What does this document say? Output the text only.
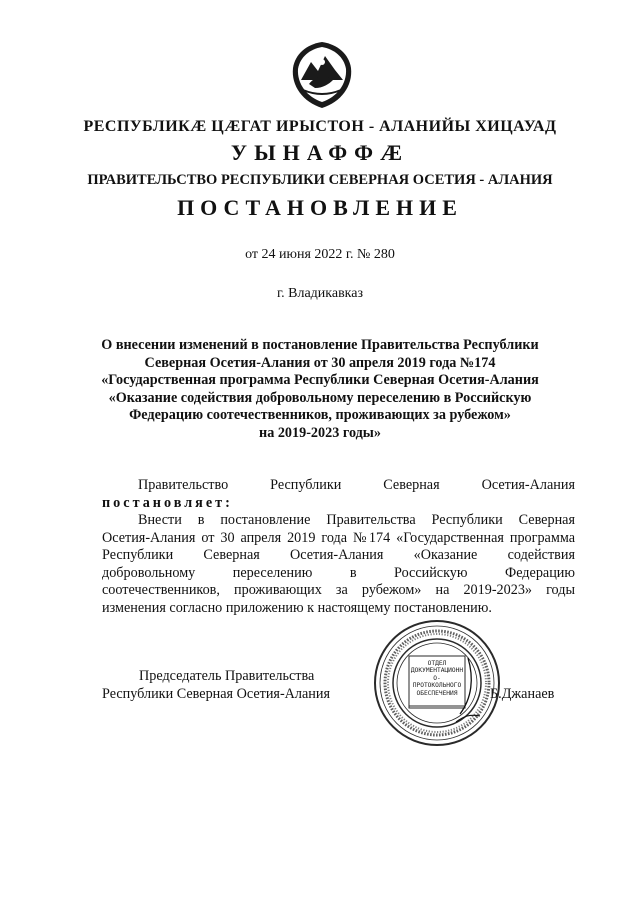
РЕСПУБЛИКÆ ЦÆГАТ ИРЫСТОН - АЛАНИЙЫ ХИЦАУАД
УЫНАФФÆ
ПРАВИТЕЛЬСТВО РЕСПУБЛИКИ СЕВЕРНАЯ ОСЕТИЯ - АЛАНИЯ
ПОСТАНОВЛЕНИЕ
от 24 июня 2022 г. № 280
г. Владикавказ
О внесении изменений в постановление Правительства Республики
Северная Осетия-Алания от 30 апреля 2019 года №174
«Государственная программа Республики Северная Осетия-Алания
«Оказание содействия добровольному переселению в Российскую
Федерацию соотечественников, проживающих за рубежом»
на 2019-2023 годы»
Правительство Республики Северная Осетия-Алания
постановляет:
Внести в постановление Правительства Республики Северная
Осетия-Алания от 30 апреля 2019 года №174 «Государственная программа
Республики Северная Осетия-Алания «Оказание содействия
добровольному переселению в Российскую Федерацию
соотечественников, проживающих за рубежом» на 2019-2023» годы
изменения согласно приложению к настоящему постановлению.
Председатель Правительства
Республики Северная Осетия-Алания	Б.Джанаев
ОТДЕЛ ДОКУМЕНТАЦИОННО-ПРОТОКОЛЬНОГО ОБЕСПЕЧЕНИЯ
